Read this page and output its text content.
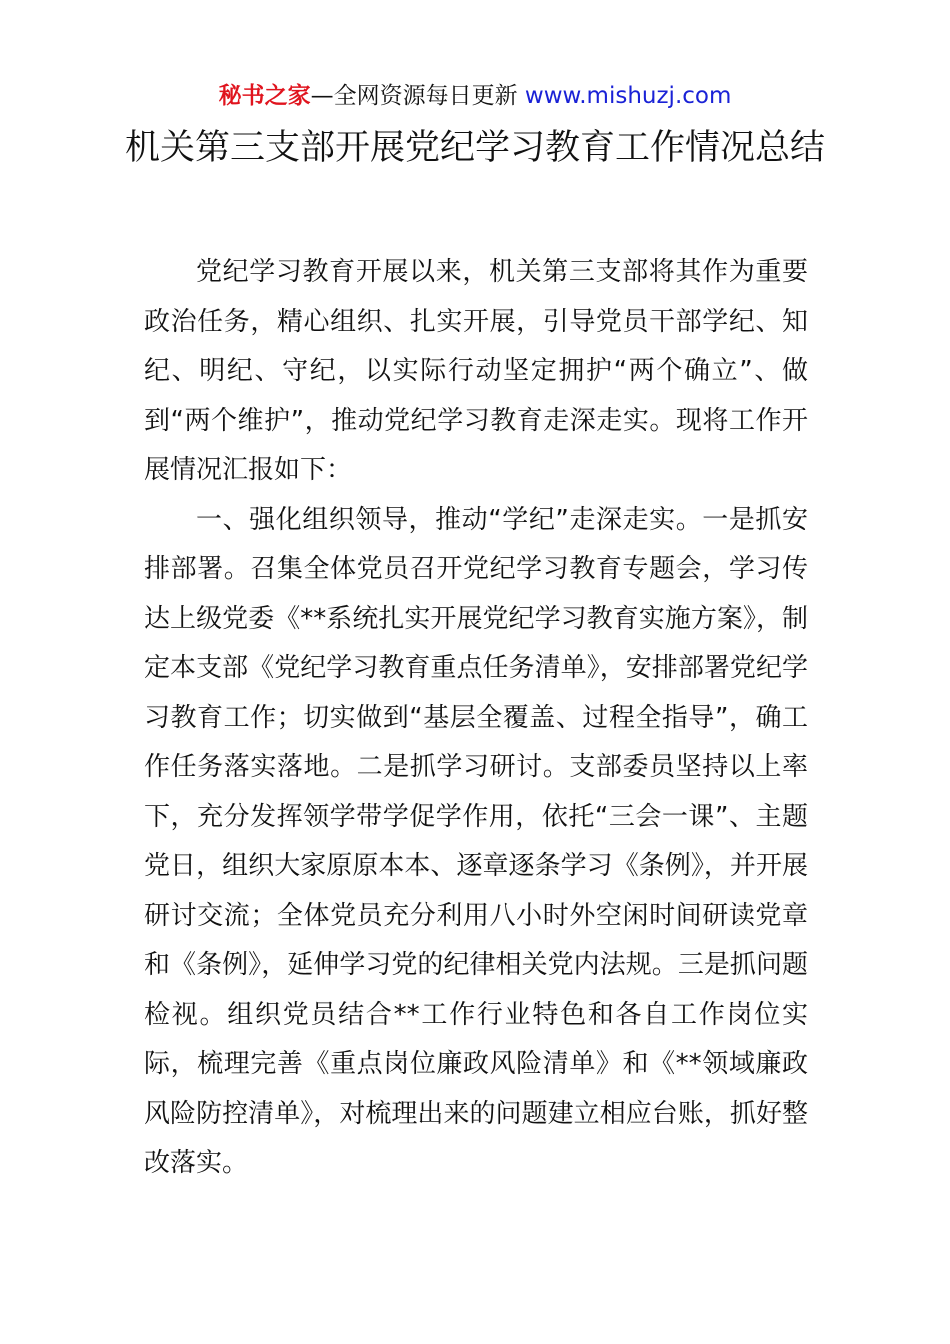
秘书之家—全网资源每日更新 www.mishuzj.com
机关第三支部开展党纪学习教育工作情况总结

党纪学习教育开展以来，机关第三支部将其作为重要政治任务，精心组织、扎实开展，引导党员干部学纪、知纪、明纪、守纪，以实际行动坚定拥护“两个确立”、做到“两个维护”，推动党纪学习教育走深走实。现将工作开展情况汇报如下：

一、强化组织领导，推动“学纪”走深走实。一是抓安排部署。召集全体党员召开党纪学习教育专题会，学习传达上级党委《**系统扎实开展党纪学习教育实施方案》，制定本支部《党纪学习教育重点任务清单》，安排部署党纪学习教育工作；切实做到“基层全覆盖、过程全指导”，确工作任务落实落地。二是抓学习研讨。支部委员坚持以上率下，充分发挥领学带学促学作用，依托“三会一课”、主题党日，组织大家原原本本、逐章逐条学习《条例》，并开展研讨交流；全体党员充分利用八小时外空闲时间研读党章和《条例》，延伸学习党的纪律相关党内法规。三是抓问题检视。组织党员结合**工作行业特色和各自工作岗位实际，梳理完善《重点岗位廉政风险清单》和《**领域廉政风险防控清单》，对梳理出来的问题建立相应台账，抓好整改落实。
